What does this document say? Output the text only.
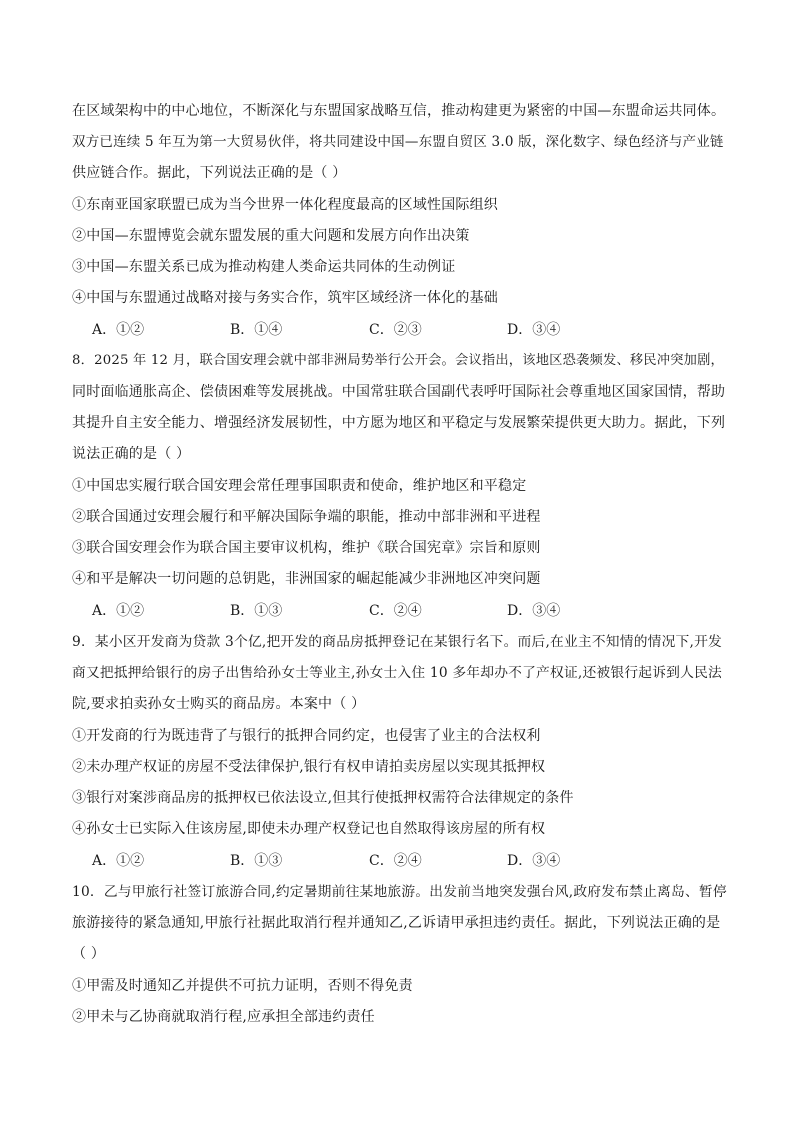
在区域架构中的中心地位，不断深化与东盟国家战略互信，推动构建更为紧密的中国—东盟命运共同体。
双方已连续 5 年互为第一大贸易伙伴，将共同建设中国—东盟自贸区 3.0 版，深化数字、绿色经济与产业链
供应链合作。据此，下列说法正确的是（ ）
①东南亚国家联盟已成为当今世界一体化程度最高的区域性国际组织
②中国—东盟博览会就东盟发展的重大问题和发展方向作出决策
③中国—东盟关系已成为推动构建人类命运共同体的生动例证
④中国与东盟通过战略对接与务实合作，筑牢区域经济一体化的基础
A．①②	B．①④	C．②③	D．③④
8．2025 年 12 月，联合国安理会就中部非洲局势举行公开会。会议指出，该地区恐袭频发、移民冲突加剧，
同时面临通胀高企、偿债困难等发展挑战。中国常驻联合国副代表呼吁国际社会尊重地区国家国情，帮助
其提升自主安全能力、增强经济发展韧性，中方愿为地区和平稳定与发展繁荣提供更大助力。据此，下列
说法正确的是（ ）
①中国忠实履行联合国安理会常任理事国职责和使命，维护地区和平稳定
②联合国通过安理会履行和平解决国际争端的职能，推动中部非洲和平进程
③联合国安理会作为联合国主要审议机构，维护《联合国宪章》宗旨和原则
④和平是解决一切问题的总钥匙，非洲国家的崛起能减少非洲地区冲突问题
A．①②	B．①③	C．②④	D．③④
9．某小区开发商为贷款 3个亿,把开发的商品房抵押登记在某银行名下。而后,在业主不知情的情况下,开发
商又把抵押给银行的房子出售给孙女士等业主,孙女士入住 10 多年却办不了产权证,还被银行起诉到人民法
院,要求拍卖孙女士购买的商品房。本案中（ ）
①开发商的行为既违背了与银行的抵押合同约定，也侵害了业主的合法权利
②未办理产权证的房屋不受法律保护,银行有权申请拍卖房屋以实现其抵押权
③银行对案涉商品房的抵押权已依法设立,但其行使抵押权需符合法律规定的条件
④孙女士已实际入住该房屋,即使未办理产权登记也自然取得该房屋的所有权
A．①②	B．①③	C．②④	D．③④
10．乙与甲旅行社签订旅游合同,约定暑期前往某地旅游。出发前当地突发强台风,政府发布禁止离岛、暂停
旅游接待的紧急通知,甲旅行社据此取消行程并通知乙,乙诉请甲承担违约责任。据此，下列说法正确的是
（ ）
①甲需及时通知乙并提供不可抗力证明，否则不得免责
②甲未与乙协商就取消行程,应承担全部违约责任
